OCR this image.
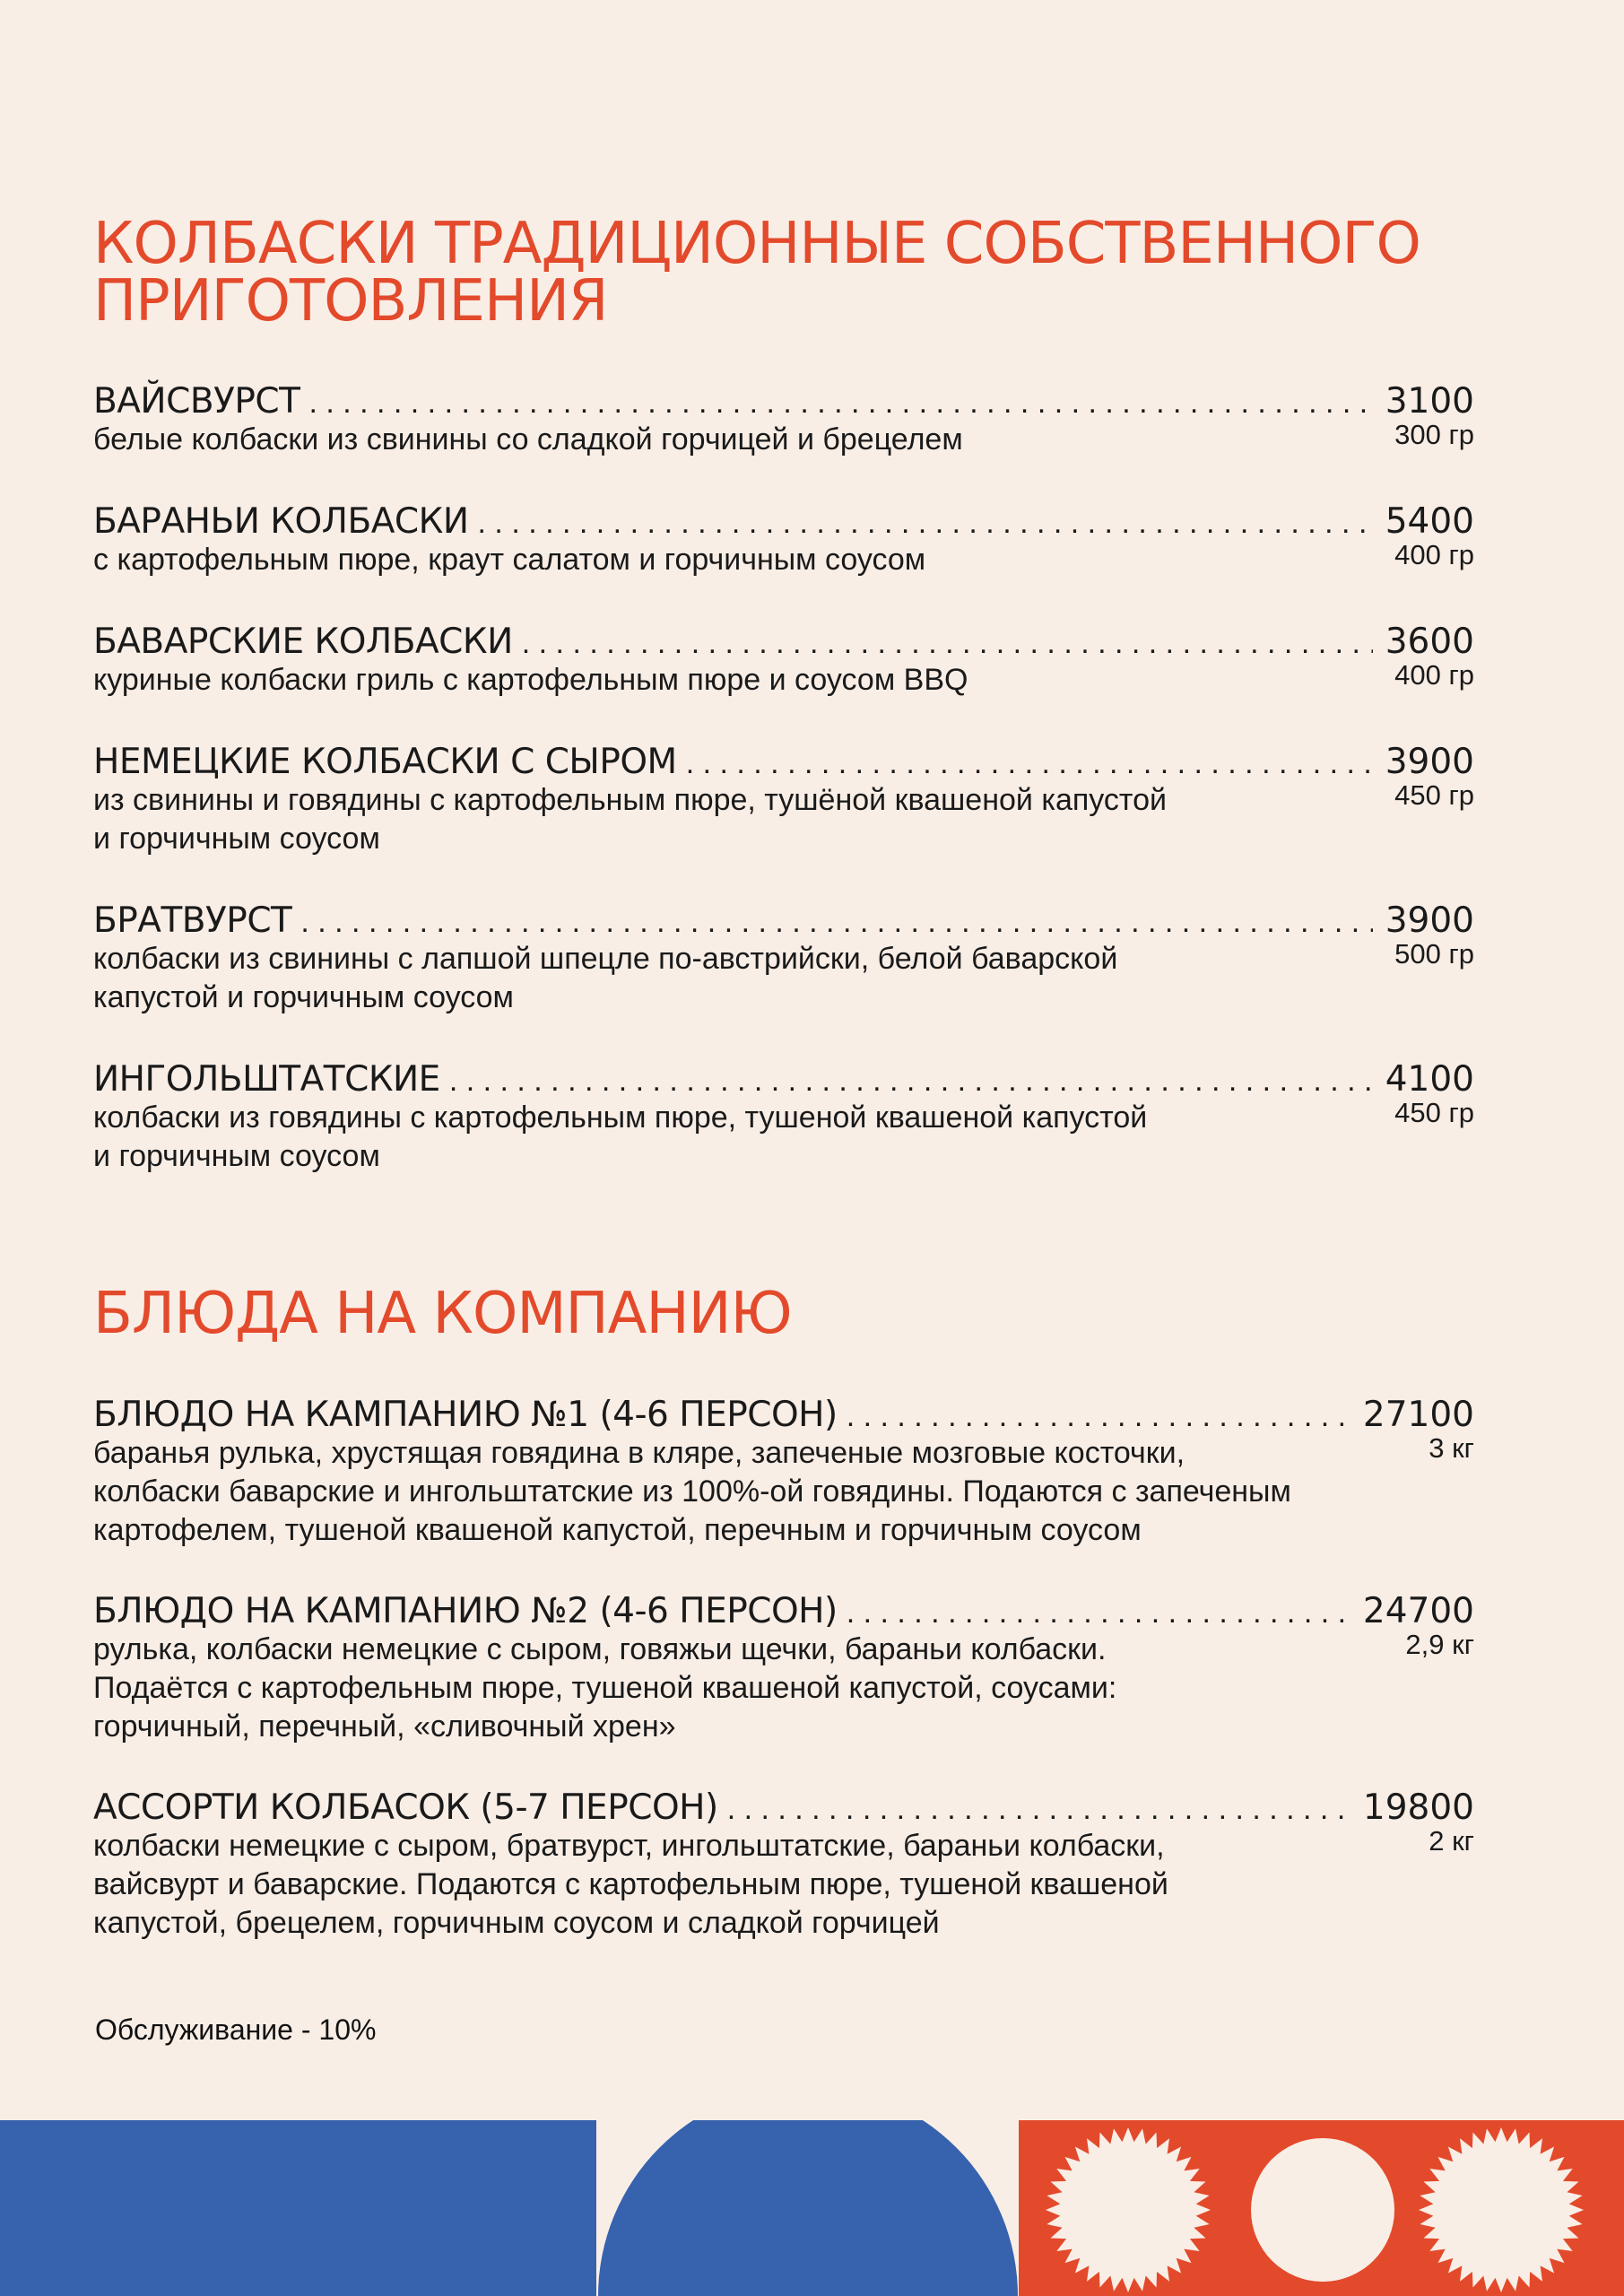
КОЛБАСКИ ТРАДИЦИОННЫЕ СОБСТВЕННОГО ПРИГОТОВЛЕНИЯ
ВАЙСВУРСТ . . .	3100
белые колбаски из свинины со сладкой горчицей и брецелем	300 гр
БАРАНЬИ КОЛБАСКИ . . .	5400
с картофельным пюре, краут салатом и горчичным соусом	400 гр
БАВАРСКИЕ КОЛБАСКИ . . .	3600
куриные колбаски гриль с картофельным пюре и соусом BBQ	400 гр
НЕМЕЦКИЕ КОЛБАСКИ С СЫРОМ . . .	3900
из свинины и говядины с картофельным пюре, тушёной квашеной капустой
и горчичным соусом
450 гр
БРАТВУРСТ . . .	3900
колбаски из свинины с лапшой шпецле по-австрийски, белой баварской
капустой и горчичным соусом
500 гр
ИНГОЛЬШТАТСКИЕ . . .	4100
колбаски из говядины с картофельным пюре, тушеной квашеной капустой
и горчичным соусом
450 гр
БЛЮДА НА КОМПАНИЮ
БЛЮДО НА КАМПАНИЮ №1 (4-6 ПЕРСОН) . . .	27100
баранья рулька, хрустящая говядина в кляре, запеченые мозговые косточки,
колбаски баварские и ингольштатские из 100%-ой говядины. Подаются с запеченым
картофелем, тушеной квашеной капустой, перечным и горчичным соусом
3 кг
БЛЮДО НА КАМПАНИЮ №2 (4-6 ПЕРСОН) . . .	24700
рулька, колбаски немецкие с сыром, говяжьи щечки, бараньи колбаски.
Подаётся с картофельным пюре, тушеной квашеной капустой, соусами:
горчичный, перечный, «сливочный хрен»
2,9 кг
АССОРТИ КОЛБАСОК (5-7 ПЕРСОН) . . .	19800
колбаски немецкие с сыром, братвурст, ингольштатские, бараньи колбаски,
вайсвурт и баварские. Подаются с картофельным пюре, тушеной квашеной
капустой, брецелем, горчичным соусом и сладкой горчицей
2 кг
Обслуживание - 10%
